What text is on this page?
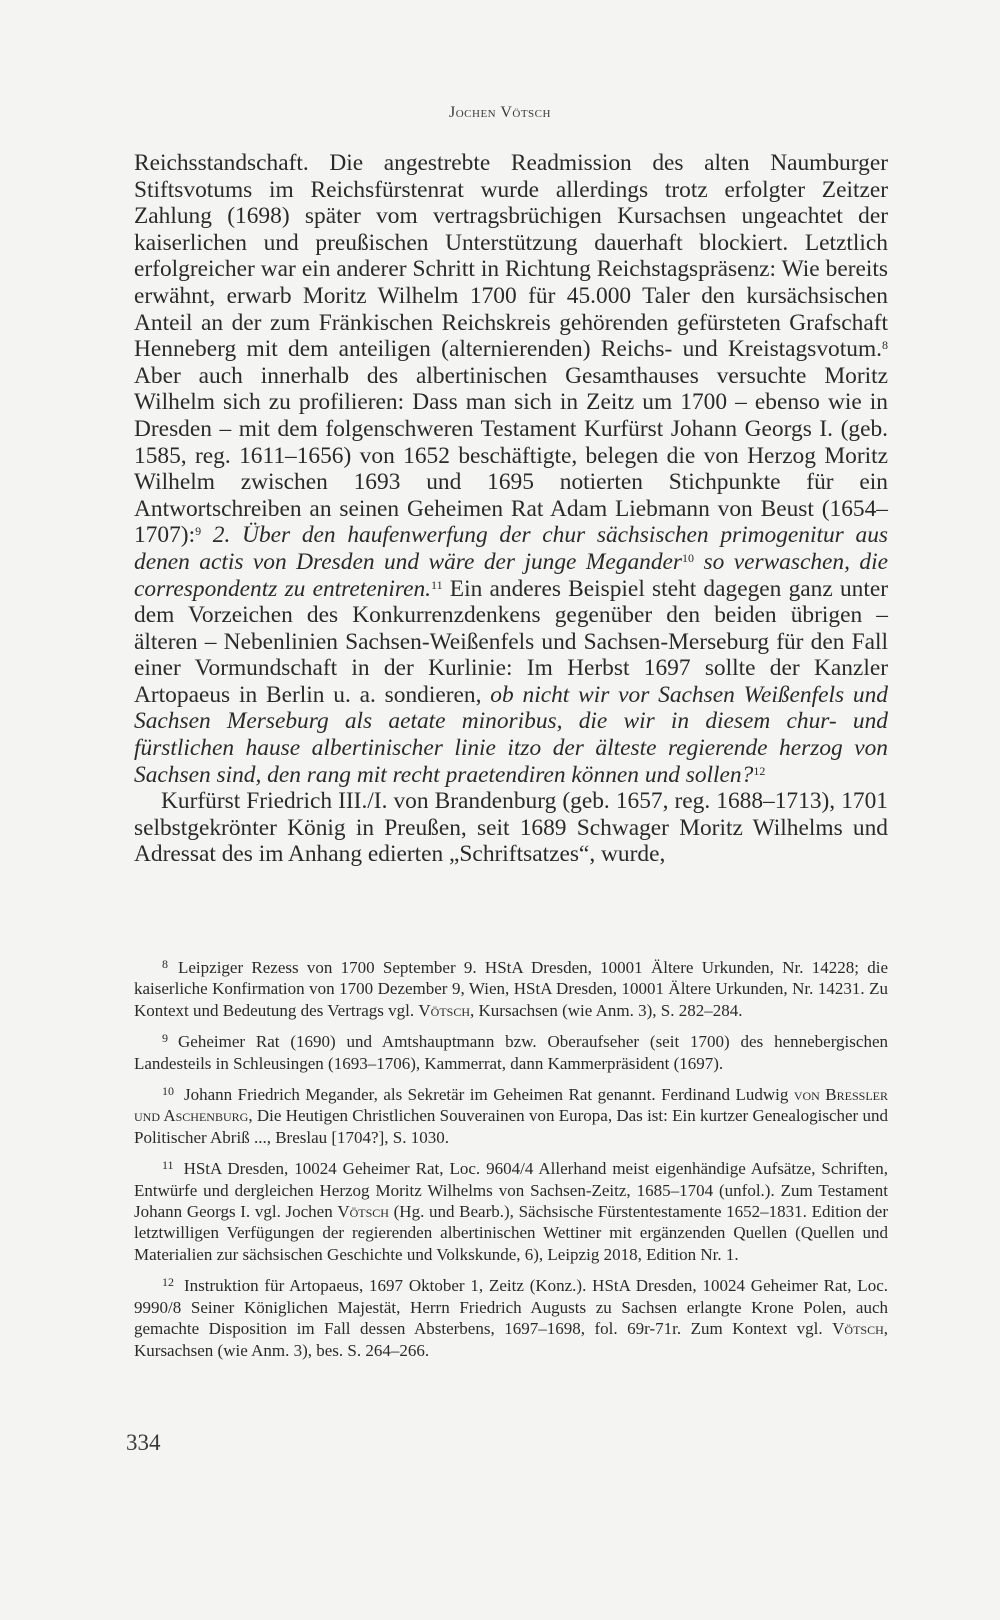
Jochen Vötsch

Reichsstandschaft. Die angestrebte Readmission des alten Naumburger Stiftsvotums im Reichsfürstenrat wurde allerdings trotz erfolgter Zeitzer Zahlung (1698) später vom vertragsbrüchigen Kursachsen ungeachtet der kaiserlichen und preußischen Unterstützung dauerhaft blockiert. Letztlich erfolgreicher war ein anderer Schritt in Richtung Reichstagspräsenz: Wie bereits erwähnt, erwarb Moritz Wilhelm 1700 für 45.000 Taler den kursächsischen Anteil an der zum Fränkischen Reichskreis gehörenden gefürsteten Grafschaft Henneberg mit dem anteiligen (alternierenden) Reichs- und Kreistagsvotum.$^8$ Aber auch innerhalb des albertinischen Gesamthauses versuchte Moritz Wilhelm sich zu profilieren: Dass man sich in Zeitz um 1700 – ebenso wie in Dresden – mit dem folgenschweren Testament Kurfürst Johann Georgs I. (geb. 1585, reg. 1611–1656) von 1652 beschäftigte, belegen die von Herzog Moritz Wilhelm zwischen 1693 und 1695 notierten Stichpunkte für ein Antwortschreiben an seinen Geheimen Rat Adam Liebmann von Beust (1654–1707):$^9$ 2. Über den haufenwerfung der chur sächsischen primogenitur aus denen actis von Dresden und wäre der junge Megander$^{10}$ so verwaschen, die correspondentz zu entreteniren.$^{11}$ Ein anderes Beispiel steht dagegen ganz unter dem Vorzeichen des Konkurrenzdenkens gegenüber den beiden übrigen – älteren – Nebenlinien Sachsen-Weißenfels und Sachsen-Merseburg für den Fall einer Vormundschaft in der Kurlinie: Im Herbst 1697 sollte der Kanzler Artopaeus in Berlin u. a. sondieren, ob nicht wir vor Sachsen Weißenfels und Sachsen Merseburg als aetate minoribus, die wir in diesem chur- und fürstlichen hause albertinischer linie itzo der älteste regierende herzog von Sachsen sind, den rang mit recht praetendiren können und sollen?$^{12}$

Kurfürst Friedrich III./I. von Brandenburg (geb. 1657, reg. 1688–1713), 1701 selbstgekrönter König in Preußen, seit 1689 Schwager Moritz Wilhelms und Adressat des im Anhang edierten „Schriftsatzes“, wurde,

$^8$ Leipziger Rezess von 1700 September 9. HStA Dresden, 10001 Ältere Urkunden, Nr. 14228; die kaiserliche Konfirmation von 1700 Dezember 9, Wien, HStA Dresden, 10001 Ältere Urkunden, Nr. 14231. Zu Kontext und Bedeutung des Vertrags vgl. Vötsch, Kursachsen (wie Anm. 3), S. 282–284.

$^9$ Geheimer Rat (1690) und Amtshauptmann bzw. Oberaufseher (seit 1700) des hennebergischen Landesteils in Schleusingen (1693–1706), Kammerrat, dann Kammerpräsident (1697).

$^{10}$ Johann Friedrich Megander, als Sekretär im Geheimen Rat genannt. Ferdinand Ludwig von Bressler und Aschenburg, Die Heutigen Christlichen Souverainen von Europa, Das ist: Ein kurtzer Genealogischer und Politischer Abriß ..., Breslau [1704?], S. 1030.

$^{11}$ HStA Dresden, 10024 Geheimer Rat, Loc. 9604/4 Allerhand meist eigenhändige Aufsätze, Schriften, Entwürfe und dergleichen Herzog Moritz Wilhelms von Sachsen-Zeitz, 1685–1704 (unfol.). Zum Testament Johann Georgs I. vgl. Jochen Vötsch (Hg. und Bearb.), Sächsische Fürstentestamente 1652–1831. Edition der letztwilligen Verfügungen der regierenden albertinischen Wettiner mit ergänzenden Quellen (Quellen und Materialien zur sächsischen Geschichte und Volkskunde, 6), Leipzig 2018, Edition Nr. 1.

$^{12}$ Instruktion für Artopaeus, 1697 Oktober 1, Zeitz (Konz.). HStA Dresden, 10024 Geheimer Rat, Loc. 9990/8 Seiner Königlichen Majestät, Herrn Friedrich Augusts zu Sachsen erlangte Krone Polen, auch gemachte Disposition im Fall dessen Absterbens, 1697–1698, fol. 69r-71r. Zum Kontext vgl. Vötsch, Kursachsen (wie Anm. 3), bes. S. 264–266.

334
